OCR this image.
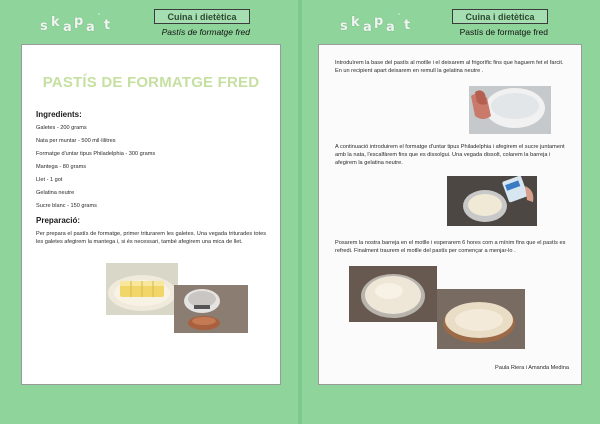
s k a p a
'
t
Cuina i dietètica
Pastís de formatge fred	s k a p a
'
t
Cuina i dietètica
Pastís de formatge fred
PASTÍS DE FORMATGE FRED
Ingredients:
Galetes - 200 grams
Nata per muntar - 500 mil·lilitres
Formatge d'untar tipus Philadelphia - 300 grams
Mantega - 80 grams
Llet - 1 got
Gelatina neutre
Sucre blanc - 150 grams
Preparació:
Per prepara el pastís de formatge, primer triturarem les galetes. Una vegada triturades totes les galetes afegirem la mantega i, si és necessari, també afegirem una mica de llet.
Introduïrem la base del pastís al motlle i el deixarem al frigorífic fins que haguem fet el farcit. En un recipient apart deixarem en remull la gelatina neutre .
A continuació introduirem el formatge d'untar tipus Philadelphia i afegirem el sucre juntament amb la nata, l'escalfàrem fins que es dissolgui. Una vegada dissolt, colarem la barreja i afegirem la gelatina neutre.
Posarem la nostra barreja en el motlle i esperarem 6 hores com a mínim fins que el pastís es refredi. Finalment traurem el motlle del pastís per començar a menjar-lo .
Paula Riera i Amanda Medina
